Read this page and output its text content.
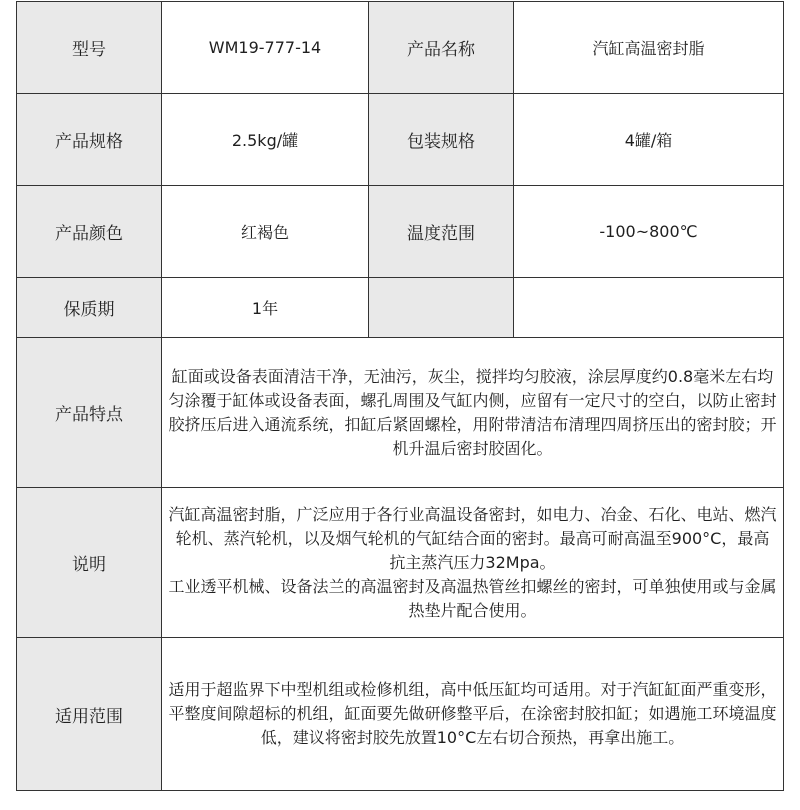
型号	WM19-777-14	产品名称	汽缸高温密封脂
产品规格	2.5kg/罐	包装规格	4罐/箱
产品颜色	红褐色	温度范围	-100~800℃
保质期	1年		
产品特点	缸面或设备表面清洁干净，无油污，灰尘，搅拌均匀胶液，涂层厚度约0.8毫米左右均匀涂覆于缸体或设备表面，螺孔周围及气缸内侧，应留有一定尺寸的空白，以防止密封胶挤压后进入通流系统，扣缸后紧固螺栓，用附带清洁布清理四周挤压出的密封胶；开机升温后密封胶固化。		
说明	汽缸高温密封脂，广泛应用于各行业高温设备密封，如电力、冶金、石化、电站、燃汽轮机、蒸汽轮机，以及烟气轮机的气缸结合面的密封。最高可耐高温至900°C，最高抗主蒸汽压力32Mpa。
工业透平机械、设备法兰的高温密封及高温热管丝扣螺丝的密封，可单独使用或与金属热垫片配合使用。		

适用范围	适用于超监界下中型机组或检修机组，高中低压缸均可适用。对于汽缸缸面严重变形，平整度间隙超标的机组，缸面要先做研修整平后，在涂密封胶扣缸；如遇施工环境温度低，建议将密封胶先放置10°C左右切合预热，再拿出施工。		
